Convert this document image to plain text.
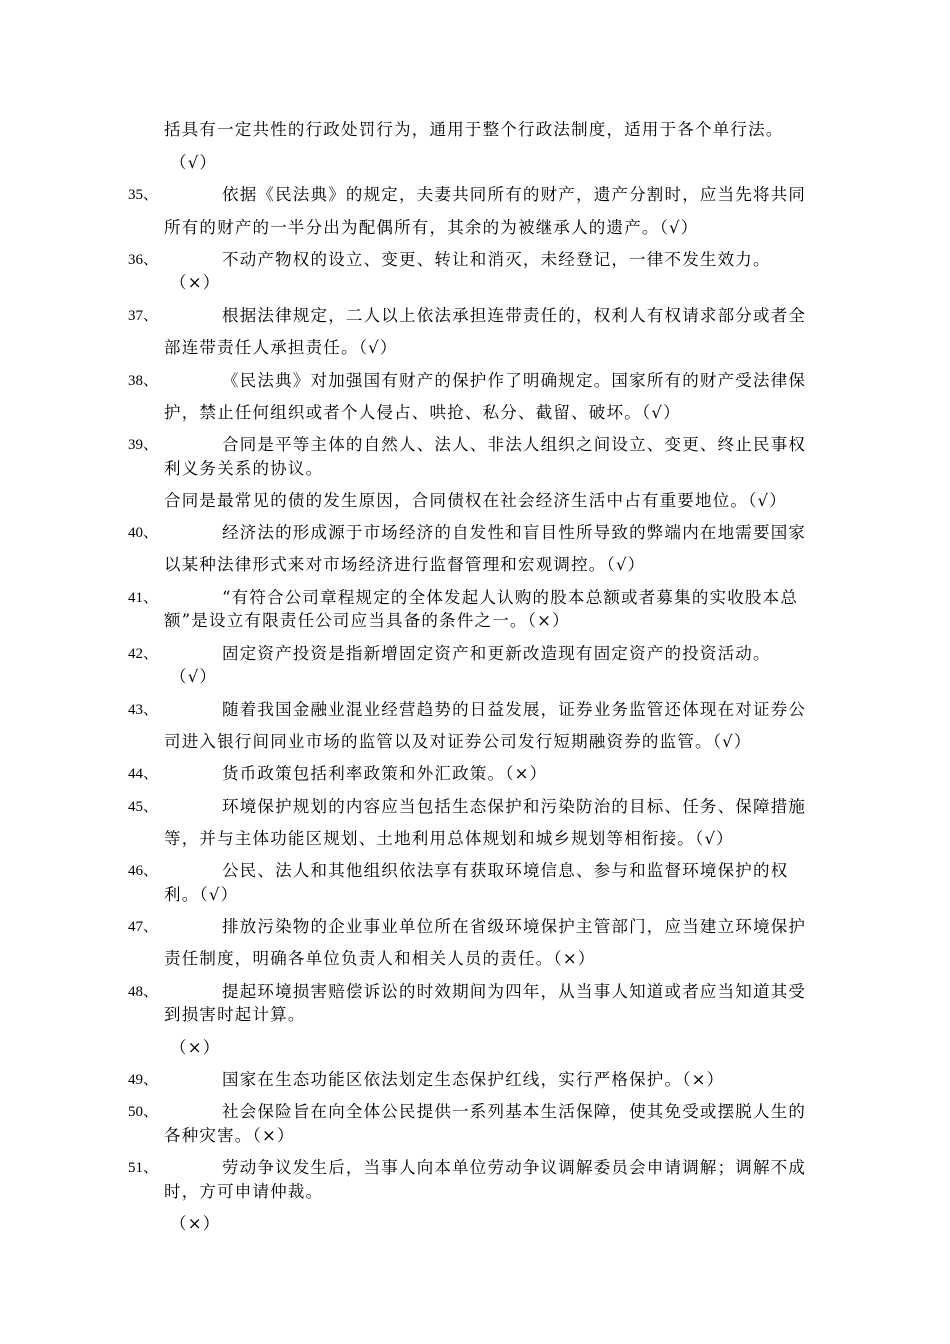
括具有一定共性的行政处罚行为，通用于整个行政法制度，适用于各个单行法。
（√）
35、	依据《民法典》的规定，夫妻共同所有的财产，遗产分割时，应当先将共同
所有的财产的一半分出为配偶所有，其余的为被继承人的遗产。（√）
36、	不动产物权的设立、变更、转让和消灭，未经登记，一律不发生效力。
（×）
37、	根据法律规定，二人以上依法承担连带责任的，权利人有权请求部分或者全
部连带责任人承担责任。（√）
38、	《民法典》对加强国有财产的保护作了明确规定。国家所有的财产受法律保
护，禁止任何组织或者个人侵占、哄抢、私分、截留、破坏。（√）
39、	合同是平等主体的自然人、法人、非法人组织之间设立、变更、终止民事权
利义务关系的协议。
合同是最常见的债的发生原因，合同债权在社会经济生活中占有重要地位。（√）
40、	经济法的形成源于市场经济的自发性和盲目性所导致的弊端内在地需要国家
以某种法律形式来对市场经济进行监督管理和宏观调控。（√）
41、	“有符合公司章程规定的全体发起人认购的股本总额或者募集的实收股本总
额”是设立有限责任公司应当具备的条件之一。（×）
42、	固定资产投资是指新增固定资产和更新改造现有固定资产的投资活动。
（√）
43、	随着我国金融业混业经营趋势的日益发展，证券业务监管还体现在对证券公
司进入银行间同业市场的监管以及对证券公司发行短期融资券的监管。（√）
44、	货币政策包括利率政策和外汇政策。（×）
45、	环境保护规划的内容应当包括生态保护和污染防治的目标、任务、保障措施
等，并与主体功能区规划、土地利用总体规划和城乡规划等相衔接。（√）
46、	公民、法人和其他组织依法享有获取环境信息、参与和监督环境保护的权
利。（√）
47、	排放污染物的企业事业单位所在省级环境保护主管部门，应当建立环境保护
责任制度，明确各单位负责人和相关人员的责任。（×）
48、	提起环境损害赔偿诉讼的时效期间为四年，从当事人知道或者应当知道其受
到损害时起计算。
（×）
49、	国家在生态功能区依法划定生态保护红线，实行严格保护。（×）
50、	社会保险旨在向全体公民提供一系列基本生活保障，使其免受或摆脱人生的
各种灾害。（×）
51、	劳动争议发生后，当事人向本单位劳动争议调解委员会申请调解；调解不成
时，方可申请仲裁。
（×）
